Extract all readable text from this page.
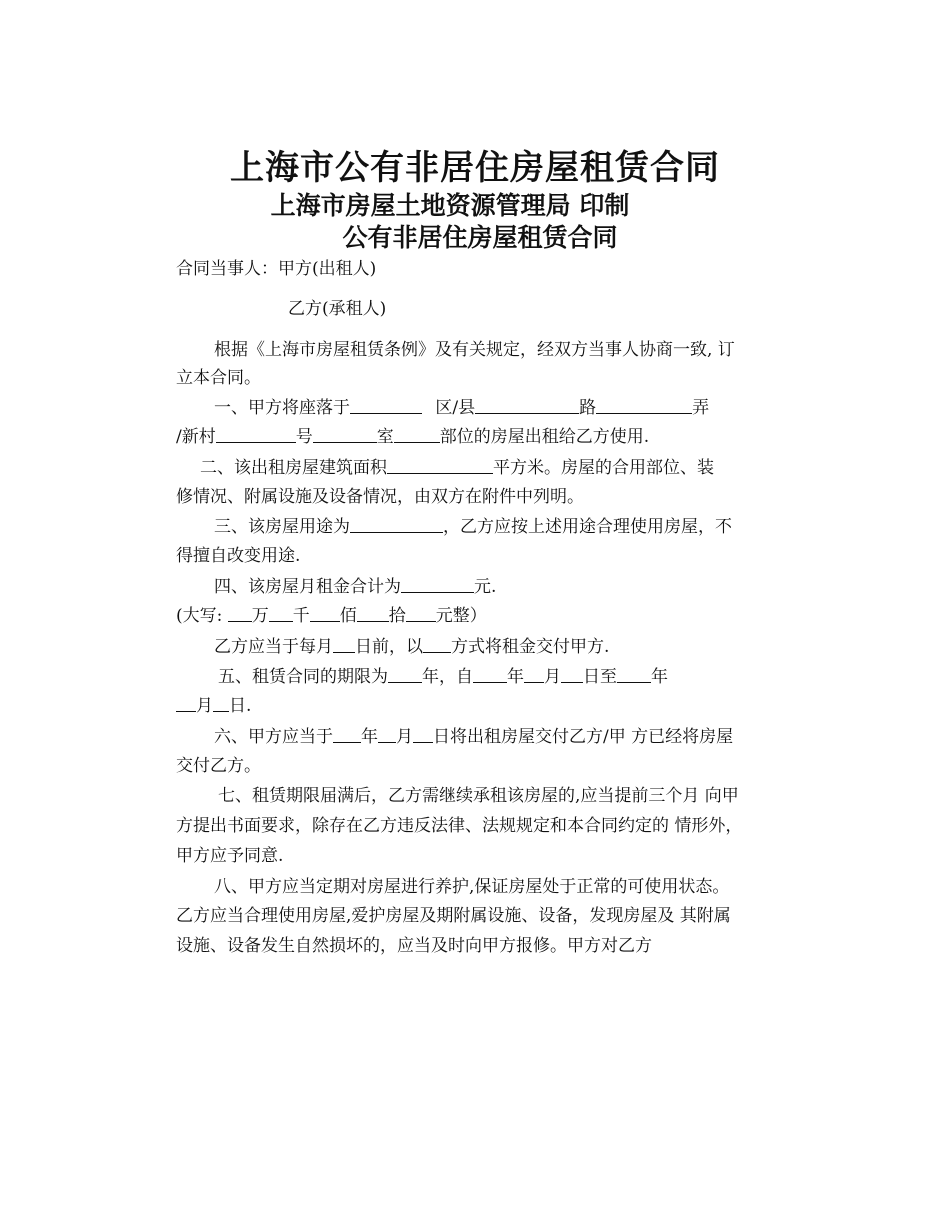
上海市公有非居住房屋租赁合同
上海市房屋土地资源管理局 印制
公有非居住房屋租赁合同
合同当事人：甲方(出租人)
乙方(承租人)
根据《上海市房屋租赁条例》及有关规定，经双方当事人协商一致, 订
立本合同。
一、甲方将座落于	区/县	路	弄
/新村	号	室	部位的房屋出租给乙方使用.
二、该出租房屋建筑面积	平方米。房屋的合用部位、装
修情况、附属设施及设备情况，由双方在附件中列明。
三、该房屋用途为	，乙方应按上述用途合理使用房屋，不
得擅自改变用途.
四、该房屋月租金合计为	元.
(大写: 万 千 佰 拾 元整）
乙方应当于每月 日前，以 方式将租金交付甲方.
五、租赁合同的期限为 年，自 年 月 日至 年
月 日.
六、甲方应当于 年 月 日将出租房屋交付乙方/甲 方已经将房屋
交付乙方。
七、租赁期限届满后，乙方需继续承租该房屋的,应当提前三个月 向甲
方提出书面要求，除存在乙方违反法律、法规规定和本合同约定的 情形外，
甲方应予同意.
八、甲方应当定期对房屋进行养护,保证房屋处于正常的可使用状态。
乙方应当合理使用房屋,爱护房屋及期附属设施、设备，发现房屋及 其附属
设施、设备发生自然损坏的，应当及时向甲方报修。甲方对乙方
